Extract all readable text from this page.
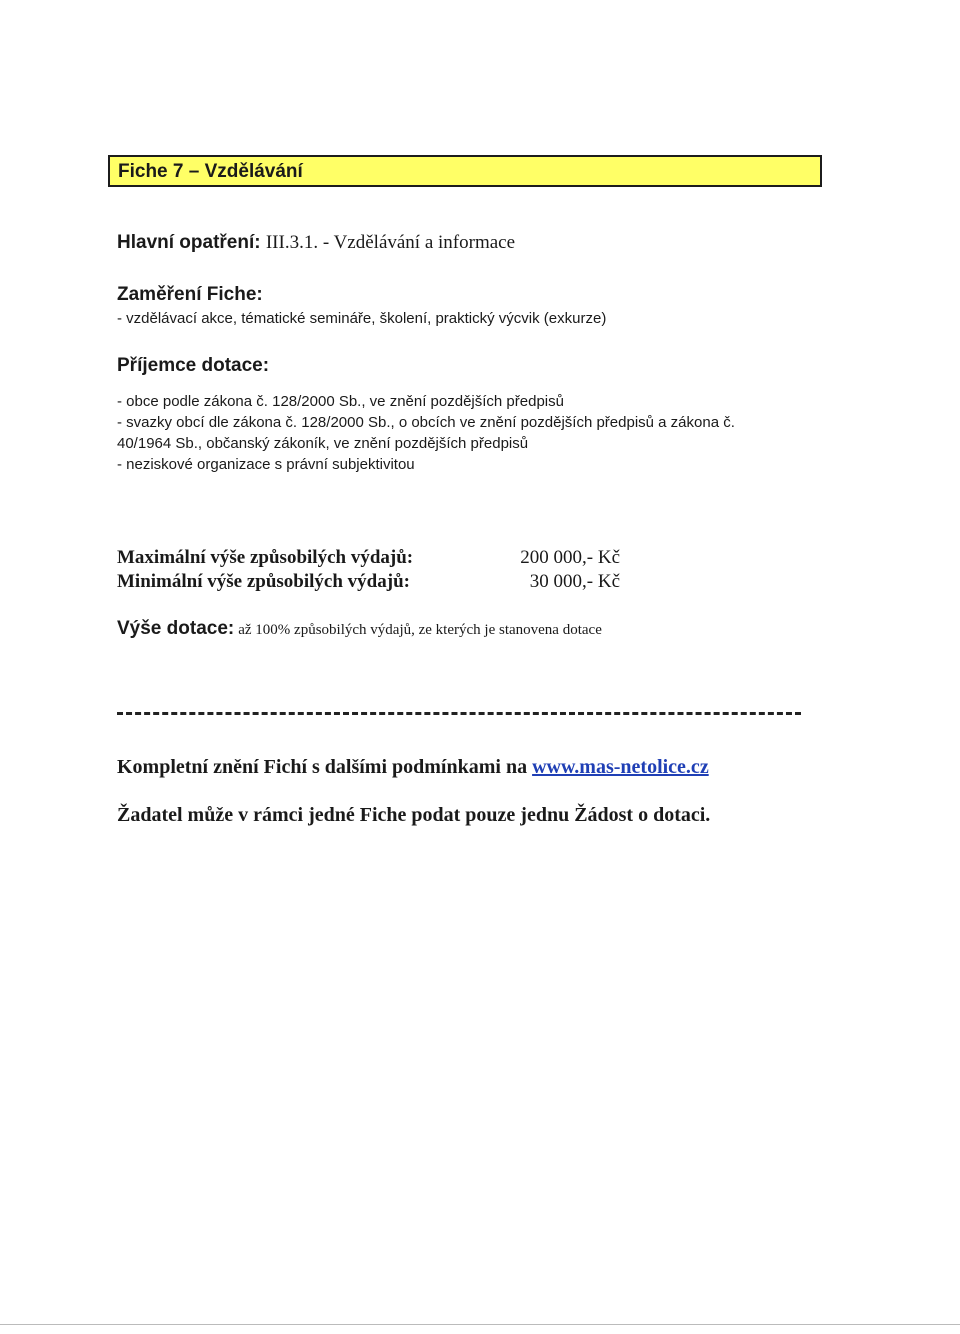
Fiche 7 – Vzdělávání
Hlavní opatření: III.3.1. - Vzdělávání a informace
Zaměření Fiche:
- vzdělávací akce, tématické semináře, školení, praktický výcvik (exkurze)
Příjemce dotace:
- obce podle zákona č. 128/2000 Sb., ve znění pozdějších předpisů
- svazky obcí dle zákona č. 128/2000 Sb., o obcích ve znění pozdějších předpisů a zákona č.
40/1964 Sb., občanský zákoník, ve znění pozdějších předpisů
- neziskové organizace s právní subjektivitou
Maximální výše způsobilých výdajů:	200 000,- Kč
Minimální výše způsobilých výdajů:	30 000,- Kč
Výše dotace: až 100% způsobilých výdajů, ze kterých je stanovena dotace
Kompletní znění Fichí s dalšími podmínkami na www.mas-netolice.cz
Žadatel může v rámci jedné Fiche podat pouze jednu Žádost o dotaci.
